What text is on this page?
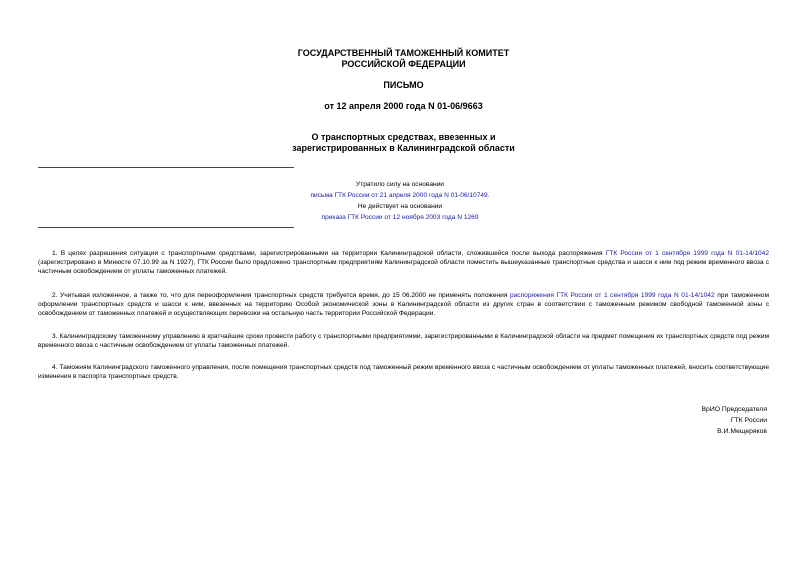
ГОСУДАРСТВЕННЫЙ ТАМОЖЕННЫЙ КОМИТЕТ
РОССИЙСКОЙ ФЕДЕРАЦИИ
ПИСЬМО
от 12 апреля 2000 года N 01-06/9663
О транспортных средствах, ввезенных и
зарегистрированных в Калининградской области
Утратило силу на основании
письма ГТК России от 21 апреля 2000 года N 01-06/10749.
Не действует на основании
приказа ГТК России от 12 ноября 2003 года N 1269
1. В целях разрешения ситуации с транспортными средствами, зарегистрированными на территории Калининградской области, сложившейся после выхода распоряжения ГТК России от 1 сентября 1999 года N 01-14/1042 (зарегистрировано в Минюсте 07.10.99 за N 1927), ГТК России было предложено транспортным предприятиям Калининградской области поместить вышеуказанные транспортные средства и шасси к ним под режим временного ввоза с частичным освобождением от уплаты таможенных платежей.
2. Учитывая изложенное, а также то, что для переоформления транспортных средств требуется время, до 15 06.2000 не применять положения распоряжения ГТК России от 1 сентября 1999 года N 01-14/1042 при таможенном оформлении транспортных средств и шасси к ним, ввезенных на территорию Особой экономической зоны в Калининградской области из других стран в соответствии с таможенным режимом свободной таможенной зоны с освобождением от таможенных платежей и осуществляющих перевозки на остальную часть территории Российской Федерации.
3. Калининградскому таможенному управлению в кратчайшие сроки провести работу с транспортными предприятиями, зарегистрированными в Калининградской области на предмет помещения их транспортных средств под режим временного ввоза с частичным освобождением от уплаты таможенных платежей.
4. Таможням Калининградского таможенного управления, после помещения транспортных средств под таможенный режим временного ввоза с частичным освобождением от уплаты таможенных платежей, вносить соответствующие изменения в паспорта транспортных средств.
ВрИО Председателя
ГТК России
В.И.Мещеряков
